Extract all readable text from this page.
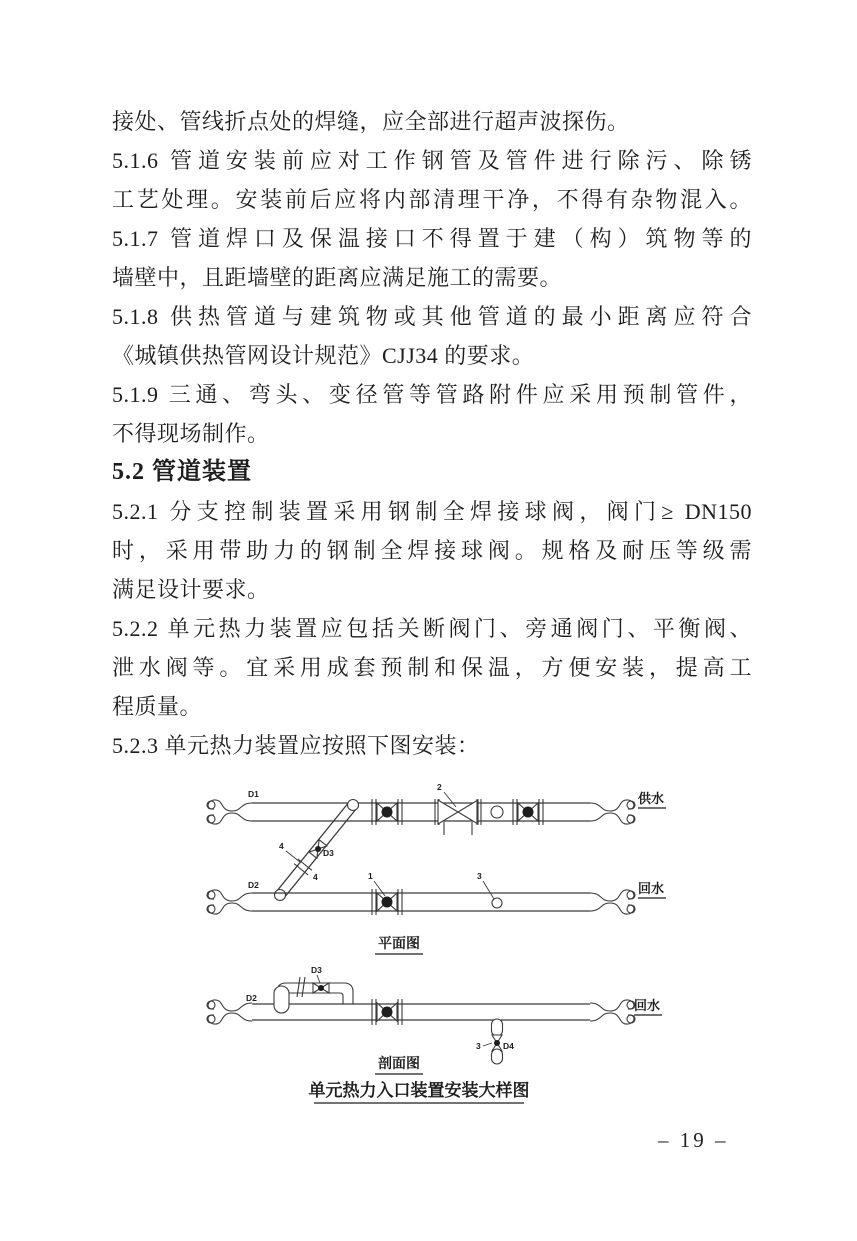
接处、管线折点处的焊缝，应全部进行超声波探伤。
5.1.6 管道安装前应对工作钢管及管件进行除污、除锈
工艺处理。安装前后应将内部清理干净，不得有杂物混入。
5.1.7 管道焊口及保温接口不得置于建（构）筑物等的
墙壁中，且距墙壁的距离应满足施工的需要。
5.1.8 供热管道与建筑物或其他管道的最小距离应符合
《城镇供热管网设计规范》CJJ34 的要求。
5.1.9 三通、弯头、变径管等管路附件应采用预制管件，
不得现场制作。
5.2 管道装置
5.2.1 分支控制装置采用钢制全焊接球阀，阀门≥ DN150
时，采用带助力的钢制全焊接球阀。规格及耐压等级需
满足设计要求。
5.2.2 单元热力装置应包括关断阀门、旁通阀门、平衡阀、
泄水阀等。宜采用成套预制和保温，方便安装，提高工
程质量。
5.2.3 单元热力装置应按照下图安装：
D1
D2
D3
2
1	3
4
4
供水
回水
平面图
D2
D3
3	D4
回水
剖面图
单元热力入口装置安装大样图
– 19 –
